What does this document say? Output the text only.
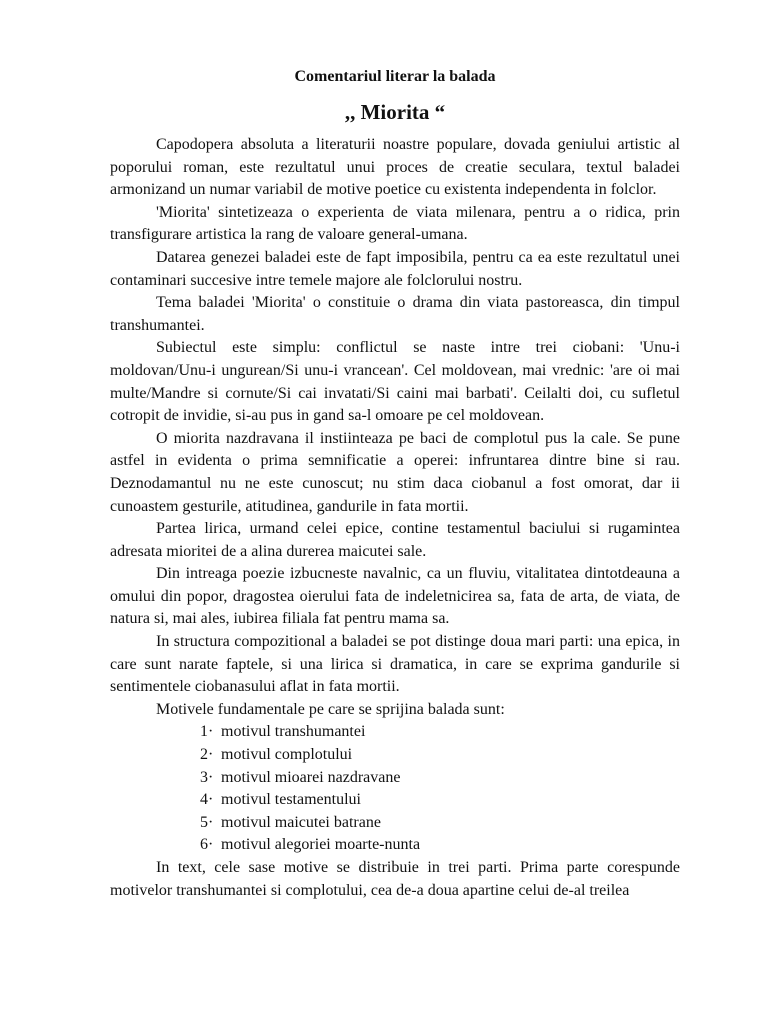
Comentariul literar la balada
,, Miorita “

Capodopera absoluta a literaturii noastre populare, dovada geniului artistic al poporului roman, este rezultatul unui proces de creatie seculara, textul baladei armonizand un numar variabil de motive poetice cu existenta independenta in folclor.

'Miorita' sintetizeaza o experienta de viata milenara, pentru a o ridica, prin transfigurare artistica la rang de valoare general-umana.

Datarea genezei baladei este de fapt imposibila, pentru ca ea este rezultatul unei contaminari succesive intre temele majore ale folclorului nostru.

Tema baladei 'Miorita' o constituie o drama din viata pastoreasca, din timpul transhumantei.

Subiectul este simplu: conflictul se naste intre trei ciobani: 'Unu-i moldovan/Unu-i ungurean/Si unu-i vrancean'. Cel moldovean, mai vrednic: 'are oi mai multe/Mandre si cornute/Si cai invatati/Si caini mai barbati'. Ceilalti doi, cu sufletul cotropit de invidie, si-au pus in gand sa-l omoare pe cel moldovean.

O miorita nazdravana il instiinteaza pe baci de complotul pus la cale. Se pune astfel in evidenta o prima semnificatie a operei: infruntarea dintre bine si rau. Deznodamantul nu ne este cunoscut; nu stim daca ciobanul a fost omorat, dar ii cunoastem gesturile, atitudinea, gandurile in fata mortii.

Partea lirica, urmand celei epice, contine testamentul baciului si rugamintea adresata mioritei de a alina durerea maicutei sale.

Din intreaga poezie izbucneste navalnic, ca un fluviu, vitalitatea dintotdeauna a omului din popor, dragostea oierului fata de indeletnicirea sa, fata de arta, de viata, de natura si, mai ales, iubirea filiala fat pentru mama sa.

In structura compozitional a baladei se pot distinge doua mari parti: una epica, in care sunt narate faptele, si una lirica si dramatica, in care se exprima gandurile si sentimentele ciobanasului aflat in fata mortii.

Motivele fundamentale pe care se sprijina balada sunt:

1· motivul transhumantei
2· motivul complotului
3· motivul mioarei nazdravane
4· motivul testamentului
5· motivul maicutei batrane
6· motivul alegoriei moarte-nunta

In text, cele sase motive se distribuie in trei parti. Prima parte corespunde motivelor transhumantei si complotului, cea de-a doua apartine celui de-al treilea
